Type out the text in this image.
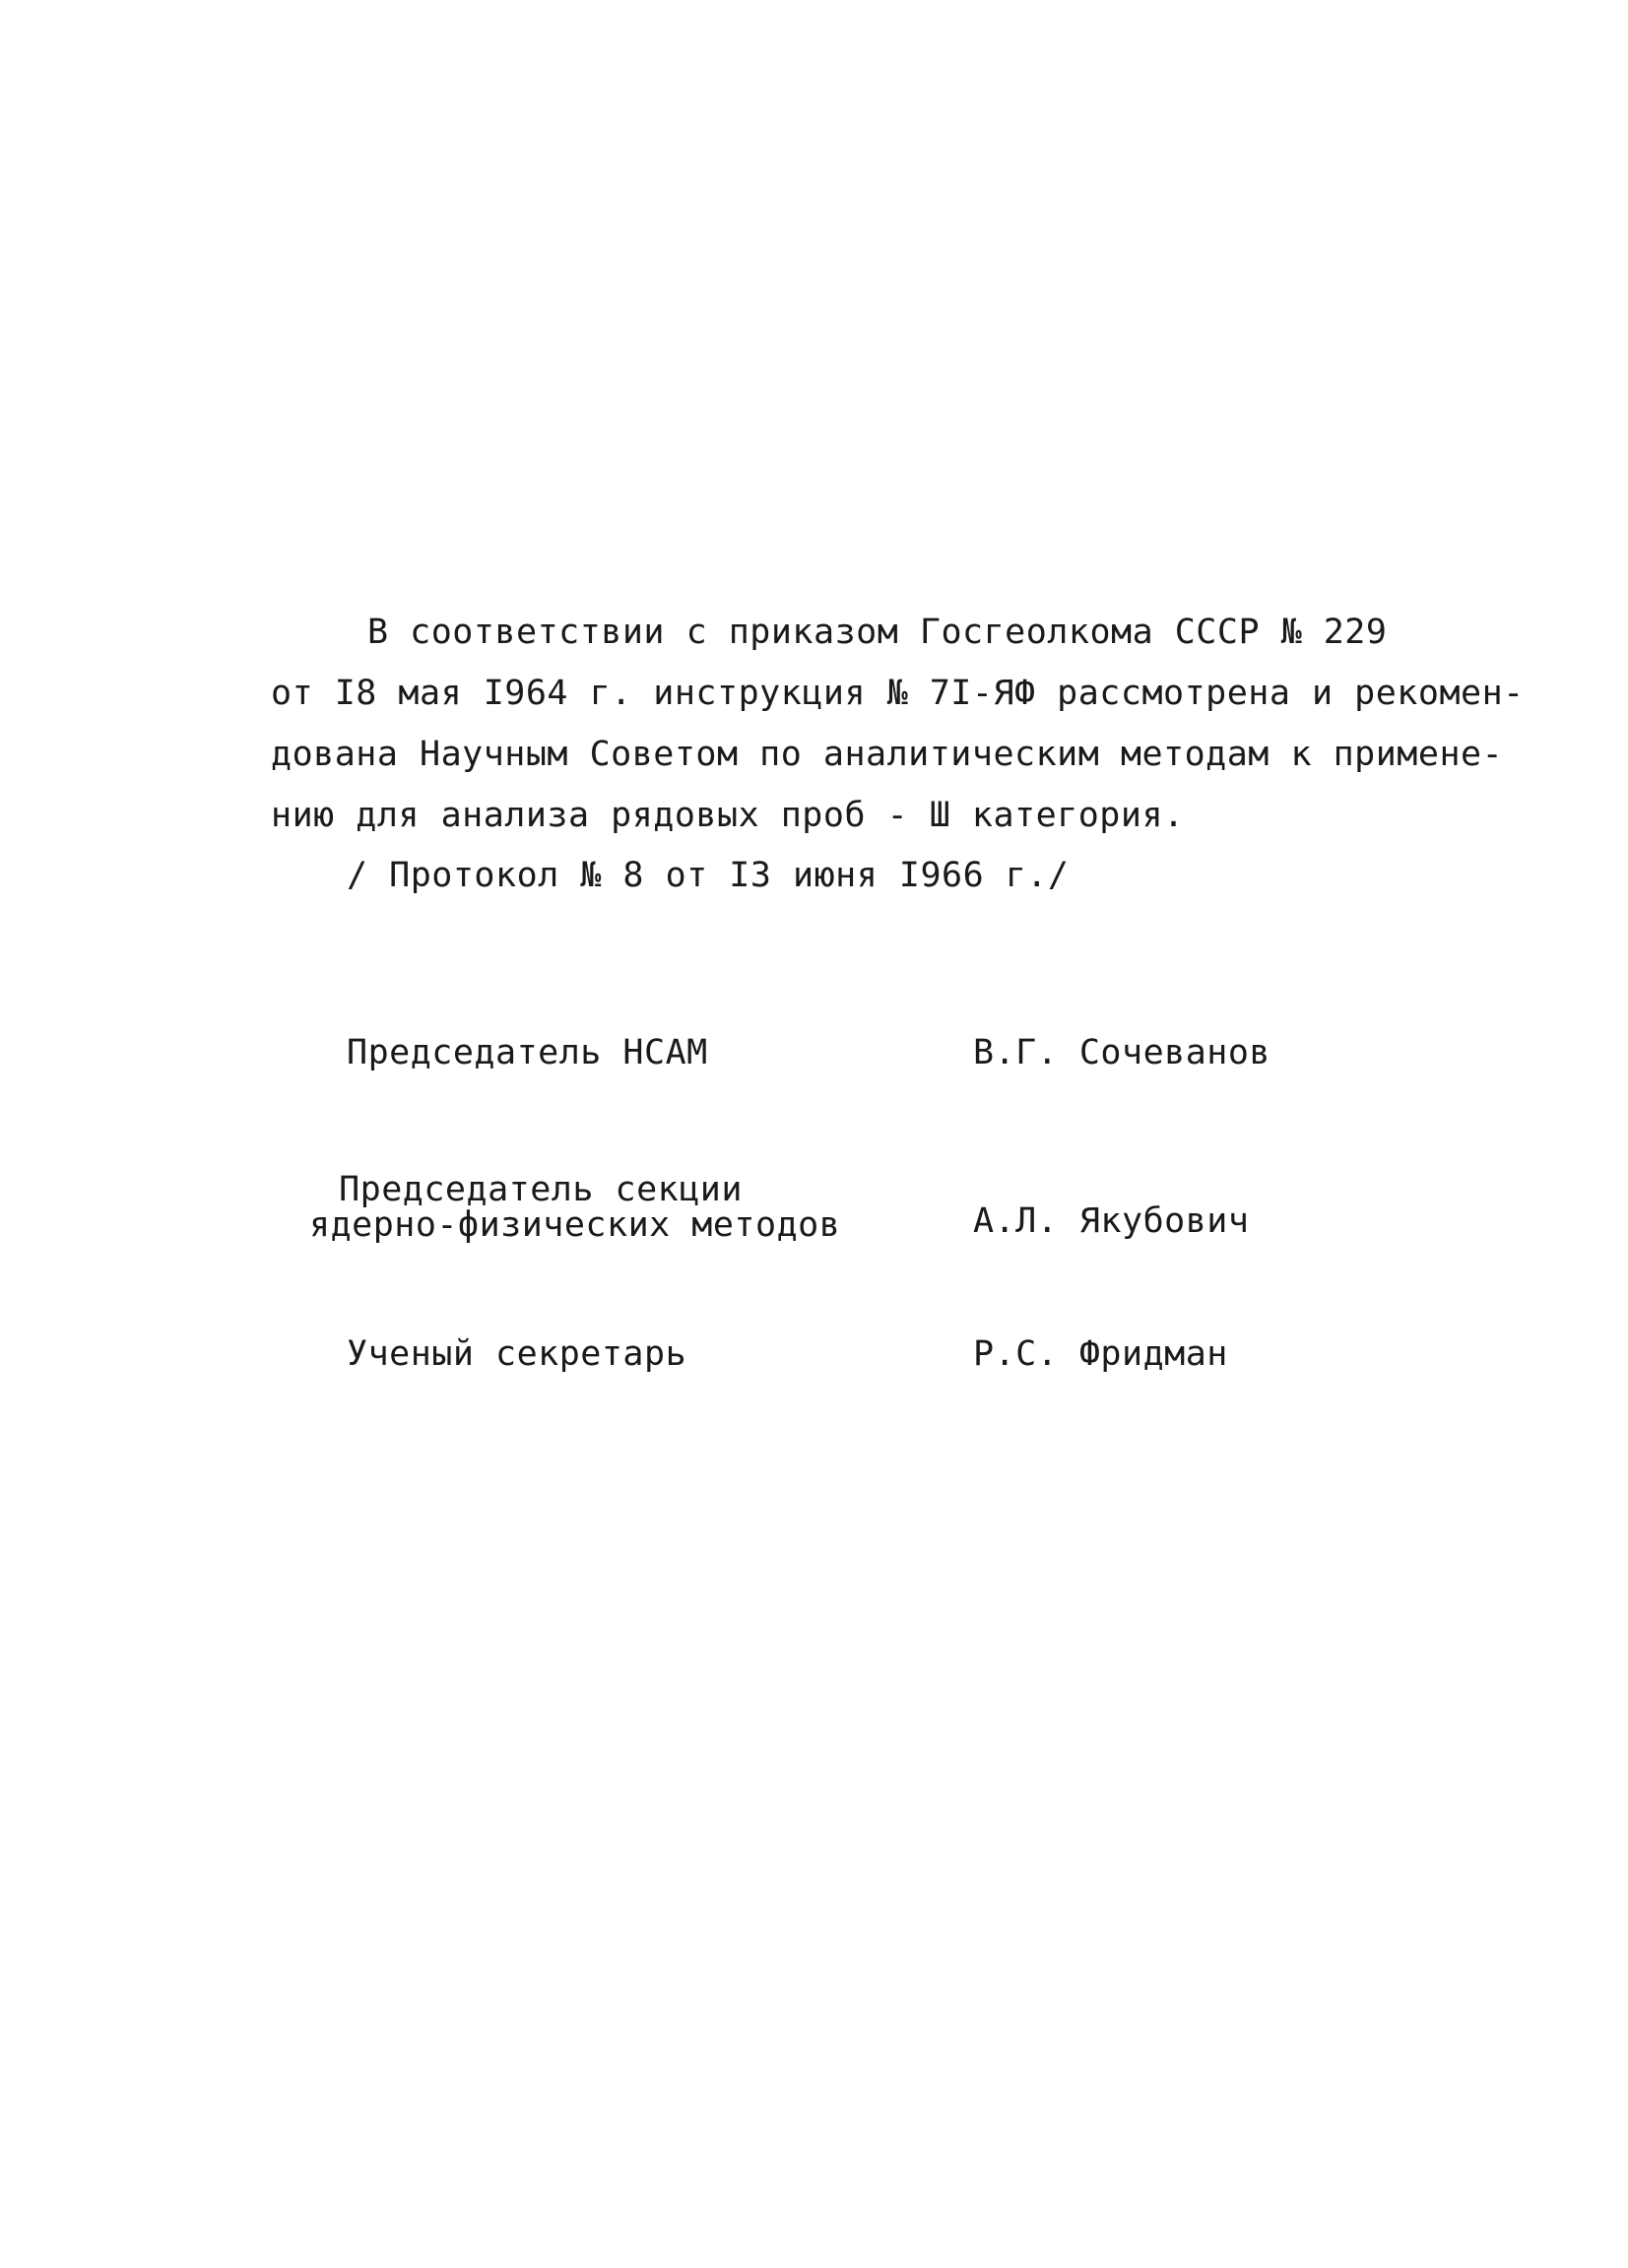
В соответствии с приказом Госгеолкома СССР № 229
от I8 мая I964 г. инструкция № 7I-ЯФ рассмотрена и рекомен-
дована Научным Советом по аналитическим методам к примене-
нию для анализа рядовых проб - Ш категория.
/ Протокол № 8 от I3 июня I966 г./
Председатель НСАМ	В.Г. Сочеванов
Председатель секции
ядерно-физических методов	А.Л. Якубович
Ученый секретарь	Р.С. Фридман
